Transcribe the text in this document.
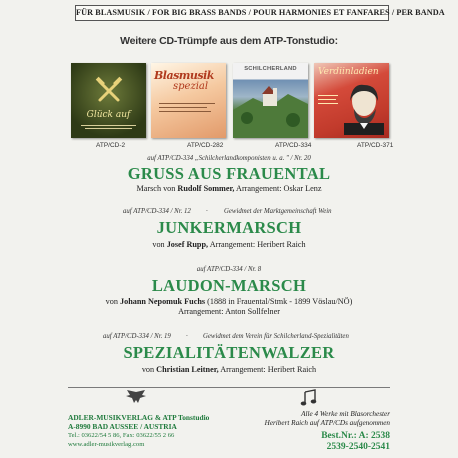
FÜR BLASMUSIK / FOR BIG BRASS BANDS / POUR HARMONIES ET FANFARES / PER BANDA
Weitere CD-Trümpfe aus dem ATP-Tonstudio:
Glück auf
ATP/CD-2
Blasmusik
spezial
ATP/CD-282
SCHILCHERLAND
ATP/CD-334
Verdiinladien
ATP/CD-371
auf ATP/CD-334 „Schilcherlandkomponisten u. a. " / Nr. 20
GRUSS AUS FRAUENTAL
Marsch von Rudolf Sommer, Arrangement: Oskar Lenz
auf ATP/CD-334 / Nr. 12 · Gewidmet der Marktgemeinschaft Wein
JUNKERMARSCH
von Josef Rupp, Arrangement: Heribert Raich
auf ATP/CD-334 / Nr. 8
LAUDON-MARSCH
von Johann Nepomuk Fuchs (1888 in Frauental/Stmk - 1899 Vöslau/NÖ)
Arrangement: Anton Sollfelner
auf ATP/CD-334 / Nr. 19 · Gewidmet dem Verein für Schilcherland-Spezialitäten
SPEZIALITÄTENWALZER
von Christian Leitner, Arrangement: Heribert Raich
ADLER-MUSIKVERLAG & ATP Tonstudio
A-8990 BAD AUSSEE / AUSTRIA
Tel.: 03622/54 5 86, Fax: 03622/55 2 66
www.adler-musikverlag.com
Alle 4 Werke mit Blasorchester
Heribert Raich auf ATP/CDs aufgenommen
Best.Nr.: A: 2538
2539-2540-2541
